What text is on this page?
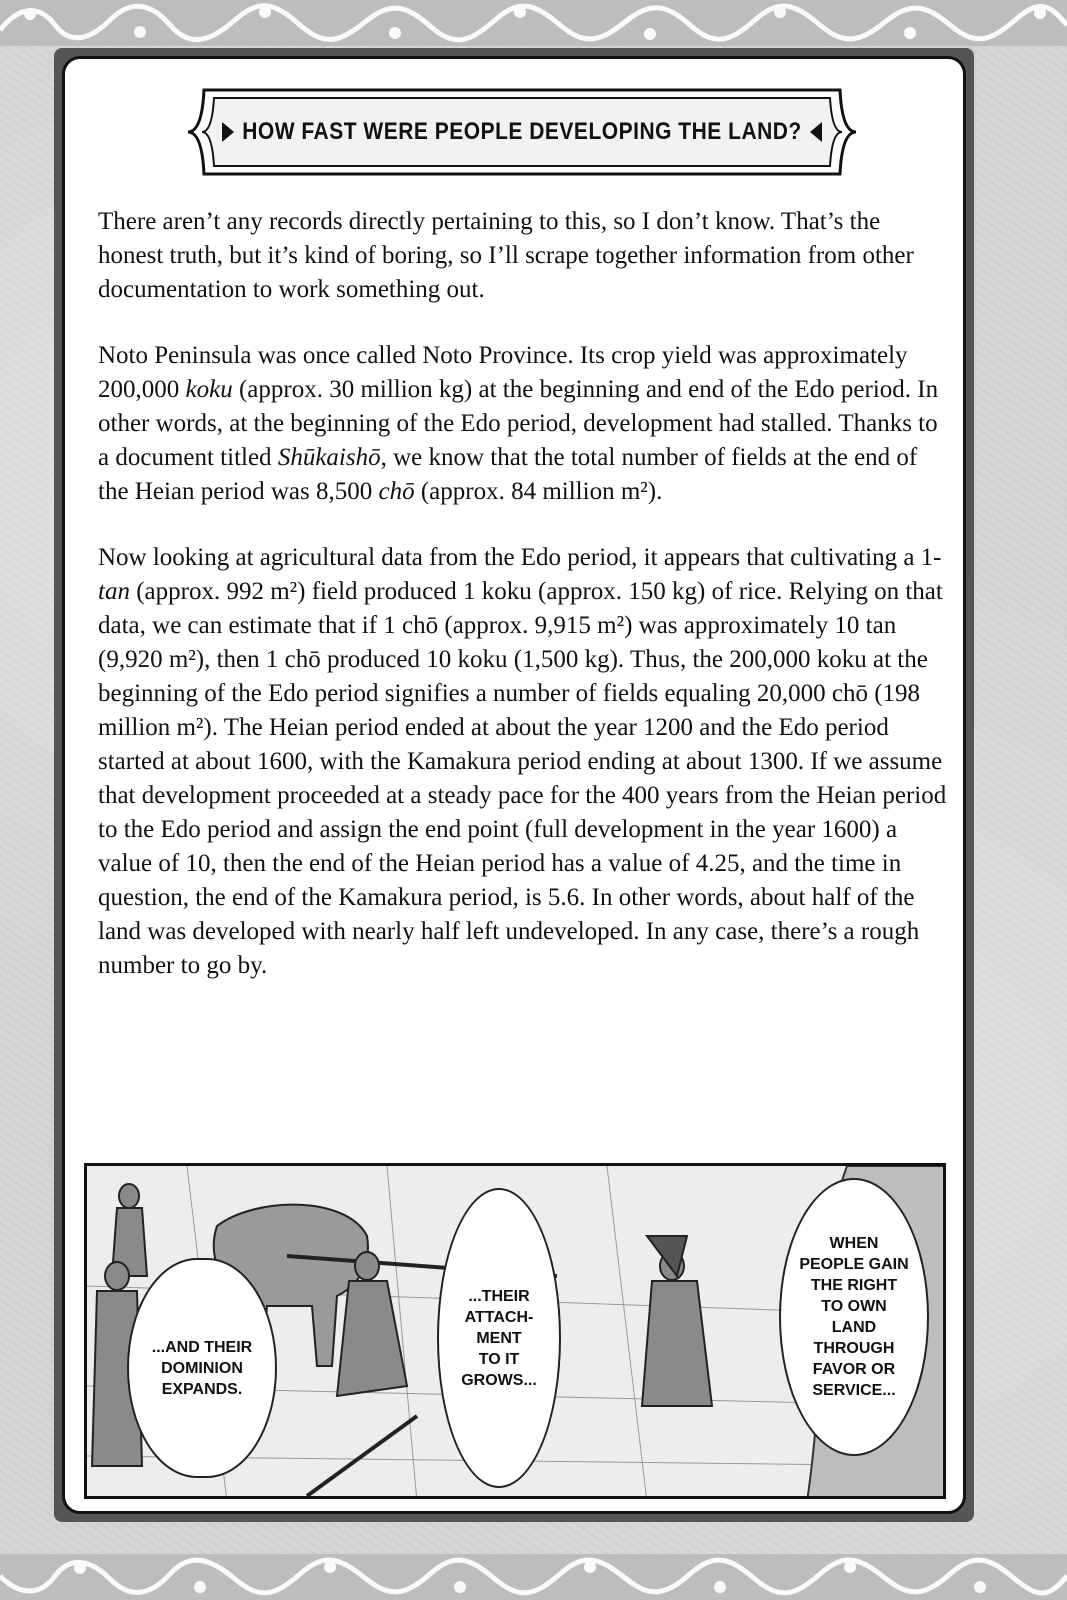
HOW FAST WERE PEOPLE DEVELOPING THE LAND?

There aren’t any records directly pertaining to this, so I don’t know. That’s the honest truth, but it’s kind of boring, so I’ll scrape together information from other documentation to work something out.

Noto Peninsula was once called Noto Province. Its crop yield was approximately 200,000 koku (approx. 30 million kg) at the beginning and end of the Edo period. In other words, at the beginning of the Edo period, development had stalled. Thanks to a document titled Shūkaishō, we know that the total number of fields at the end of the Heian period was 8,500 chō (approx. 84 million m²).

Now looking at agricultural data from the Edo period, it appears that cultivating a 1-tan (approx. 992 m²) field produced 1 koku (approx. 150 kg) of rice. Relying on that data, we can estimate that if 1 chō (approx. 9,915 m²) was approximately 10 tan (9,920 m²), then 1 chō produced 10 koku (1,500 kg). Thus, the 200,000 koku at the beginning of the Edo period signifies a number of fields equaling 20,000 chō (198 million m²). The Heian period ended at about the year 1200 and the Edo period started at about 1600, with the Kamakura period ending at about 1300. If we assume that development proceeded at a steady pace for the 400 years from the Heian period to the Edo period and assign the end point (full development in the year 1600) a value of 10, then the end of the Heian period has a value of 4.25, and the time in question, the end of the Kamakura period, is 5.6. In other words, about half of the land was developed with nearly half left undeveloped. In any case, there’s a rough number to go by.

...AND THEIR
DOMINION
EXPANDS.
...THEIR
ATTACH-
MENT
TO IT
GROWS...
WHEN
PEOPLE GAIN
THE RIGHT
TO OWN
LAND
THROUGH
FAVOR OR
SERVICE...
